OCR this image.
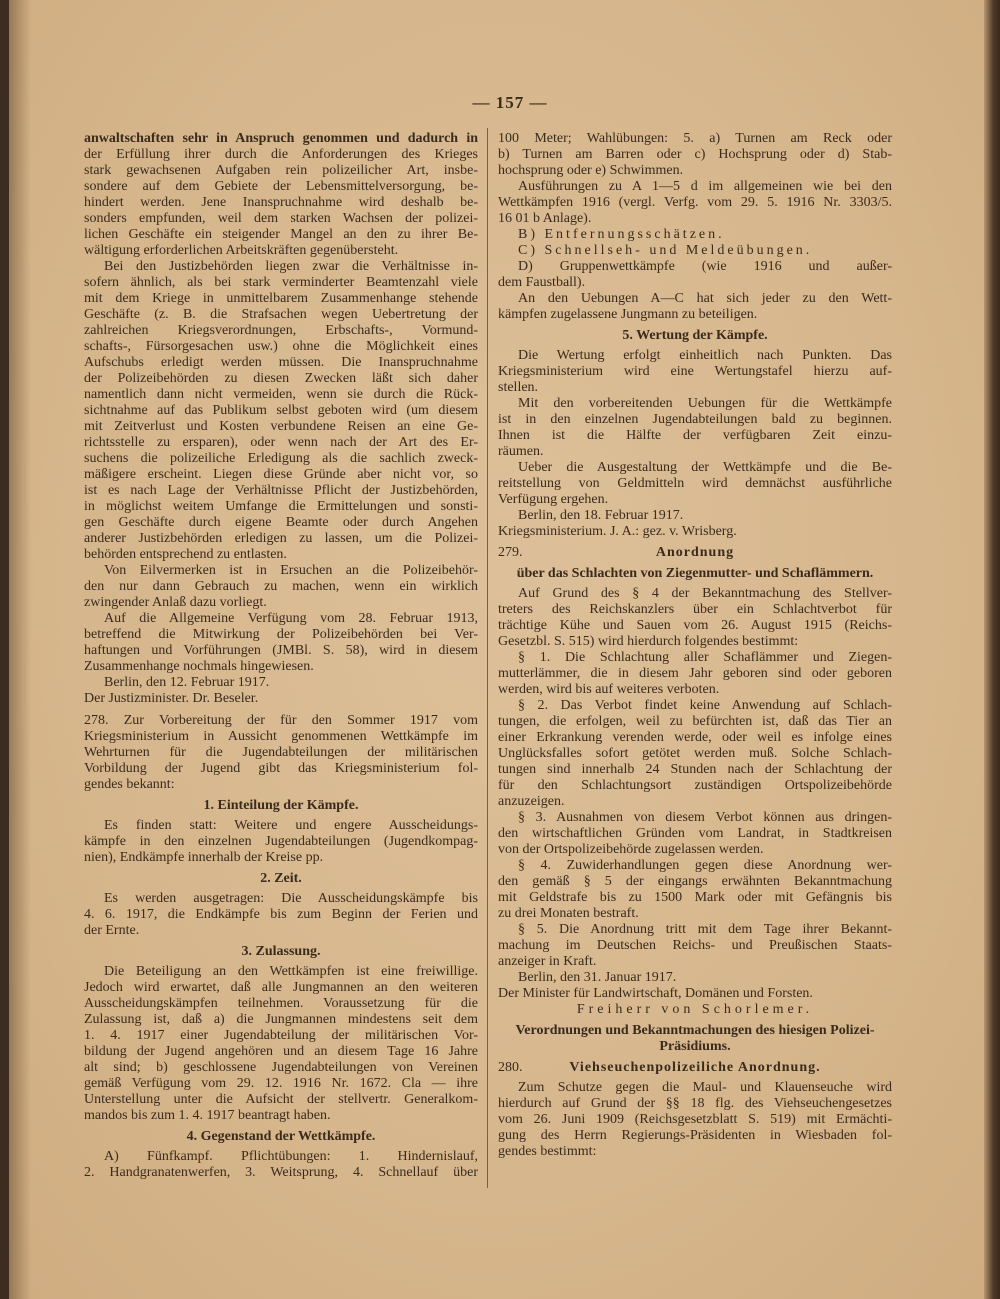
— 157 —
anwaltschaften sehr in Anspruch genommen und dadurch in
der Erfüllung ihrer durch die Anforderungen des Krieges
stark gewachsenen Aufgaben rein polizeilicher Art, insbe-
sondere auf dem Gebiete der Lebensmittelversorgung, be-
hindert werden. Jene Inanspruchnahme wird deshalb be-
sonders empfunden, weil dem starken Wachsen der polizei-
lichen Geschäfte ein steigender Mangel an den zu ihrer Be-
wältigung erforderlichen Arbeitskräften gegenübersteht.
Bei den Justizbehörden liegen zwar die Verhältnisse in-
sofern ähnlich, als bei stark verminderter Beamtenzahl viele
mit dem Kriege in unmittelbarem Zusammenhange stehende
Geschäfte (z. B. die Strafsachen wegen Uebertretung der
zahlreichen Kriegsverordnungen, Erbschafts-, Vormund-
schafts-, Fürsorgesachen usw.) ohne die Möglichkeit eines
Aufschubs erledigt werden müssen. Die Inanspruchnahme
der Polizeibehörden zu diesen Zwecken läßt sich daher
namentlich dann nicht vermeiden, wenn sie durch die Rück-
sichtnahme auf das Publikum selbst geboten wird (um diesem
mit Zeitverlust und Kosten verbundene Reisen an eine Ge-
richtsstelle zu ersparen), oder wenn nach der Art des Er-
suchens die polizeiliche Erledigung als die sachlich zweck-
mäßigere erscheint. Liegen diese Gründe aber nicht vor, so
ist es nach Lage der Verhältnisse Pflicht der Justizbehörden,
in möglichst weitem Umfange die Ermittelungen und sonsti-
gen Geschäfte durch eigene Beamte oder durch Angehen
anderer Justizbehörden erledigen zu lassen, um die Polizei-
behörden entsprechend zu entlasten.
Von Eilvermerken ist in Ersuchen an die Polizeibehör-
den nur dann Gebrauch zu machen, wenn ein wirklich
zwingender Anlaß dazu vorliegt.
Auf die Allgemeine Verfügung vom 28. Februar 1913,
betreffend die Mitwirkung der Polizeibehörden bei Ver-
haftungen und Vorführungen (JMBl. S. 58), wird in diesem
Zusammenhange nochmals hingewiesen.
Berlin, den 12. Februar 1917.
Der Justizminister. Dr. Beseler.
278. Zur Vorbereitung der für den Sommer 1917 vom
Kriegsministerium in Aussicht genommenen Wettkämpfe im
Wehrturnen für die Jugendabteilungen der militärischen
Vorbildung der Jugend gibt das Kriegsministerium fol-
gendes bekannt:
1. Einteilung der Kämpfe.
Es finden statt: Weitere und engere Ausscheidungs-
kämpfe in den einzelnen Jugendabteilungen (Jugendkompag-
nien), Endkämpfe innerhalb der Kreise pp.
2. Zeit.
Es werden ausgetragen: Die Ausscheidungskämpfe bis
4. 6. 1917, die Endkämpfe bis zum Beginn der Ferien und
der Ernte.
3. Zulassung.
Die Beteiligung an den Wettkämpfen ist eine freiwillige.
Jedoch wird erwartet, daß alle Jungmannen an den weiteren
Ausscheidungskämpfen teilnehmen. Voraussetzung für die
Zulassung ist, daß a) die Jungmannen mindestens seit dem
1. 4. 1917 einer Jugendabteilung der militärischen Vor-
bildung der Jugend angehören und an diesem Tage 16 Jahre
alt sind; b) geschlossene Jugendabteilungen von Vereinen
gemäß Verfügung vom 29. 12. 1916 Nr. 1672. Cla — ihre
Unterstellung unter die Aufsicht der stellvertr. Generalkom-
mandos bis zum 1. 4. 1917 beantragt haben.
4. Gegenstand der Wettkämpfe.
A) Fünfkampf. Pflichtübungen: 1. Hindernislauf,
2. Handgranatenwerfen, 3. Weitsprung, 4. Schnellauf über
100 Meter; Wahlübungen: 5. a) Turnen am Reck oder
b) Turnen am Barren oder c) Hochsprung oder d) Stab-
hochsprung oder e) Schwimmen.
Ausführungen zu A 1—5 d im allgemeinen wie bei den
Wettkämpfen 1916 (vergl. Verfg. vom 29. 5. 1916 Nr. 3303/5.
16 01 b Anlage).
B) Entfernungsschätzen.
C) Schnellseh- und Meldeübungen.
D) Gruppenwettkämpfe (wie 1916 und außer-
dem Faustball).
An den Uebungen A—C hat sich jeder zu den Wett-
kämpfen zugelassene Jungmann zu beteiligen.
5. Wertung der Kämpfe.
Die Wertung erfolgt einheitlich nach Punkten. Das
Kriegsministerium wird eine Wertungstafel hierzu auf-
stellen.
Mit den vorbereitenden Uebungen für die Wettkämpfe
ist in den einzelnen Jugendabteilungen bald zu beginnen.
Ihnen ist die Hälfte der verfügbaren Zeit einzu-
räumen.
Ueber die Ausgestaltung der Wettkämpfe und die Be-
reitstellung von Geldmitteln wird demnächst ausführliche
Verfügung ergehen.
Berlin, den 18. Februar 1917.
Kriegsministerium. J. A.: gez. v. Wrisberg.
279.	Anordnung
über das Schlachten von Ziegenmutter- und Schaflämmern.
Auf Grund des § 4 der Bekanntmachung des Stellver-
treters des Reichskanzlers über ein Schlachtverbot für
trächtige Kühe und Sauen vom 26. August 1915 (Reichs-
Gesetzbl. S. 515) wird hierdurch folgendes bestimmt:
§ 1. Die Schlachtung aller Schaflämmer und Ziegen-
mutterlämmer, die in diesem Jahr geboren sind oder geboren
werden, wird bis auf weiteres verboten.
§ 2. Das Verbot findet keine Anwendung auf Schlach-
tungen, die erfolgen, weil zu befürchten ist, daß das Tier an
einer Erkrankung verenden werde, oder weil es infolge eines
Unglücksfalles sofort getötet werden muß. Solche Schlach-
tungen sind innerhalb 24 Stunden nach der Schlachtung der
für den Schlachtungsort zuständigen Ortspolizeibehörde
anzuzeigen.
§ 3. Ausnahmen von diesem Verbot können aus dringen-
den wirtschaftlichen Gründen vom Landrat, in Stadtkreisen
von der Ortspolizeibehörde zugelassen werden.
§ 4. Zuwiderhandlungen gegen diese Anordnung wer-
den gemäß § 5 der eingangs erwähnten Bekanntmachung
mit Geldstrafe bis zu 1500 Mark oder mit Gefängnis bis
zu drei Monaten bestraft.
§ 5. Die Anordnung tritt mit dem Tage ihrer Bekannt-
machung im Deutschen Reichs- und Preußischen Staats-
anzeiger in Kraft.
Berlin, den 31. Januar 1917.
Der Minister für Landwirtschaft, Domänen und Forsten.
Freiherr von Schorlemer.
Verordnungen und Bekanntmachungen des hiesigen Polizei-Präsidiums.
280.	Viehseuchenpolizeiliche Anordnung.
Zum Schutze gegen die Maul- und Klauenseuche wird
hierdurch auf Grund der §§ 18 flg. des Viehseuchengesetzes
vom 26. Juni 1909 (Reichsgesetzblatt S. 519) mit Ermächti-
gung des Herrn Regierungs-Präsidenten in Wiesbaden fol-
gendes bestimmt:
